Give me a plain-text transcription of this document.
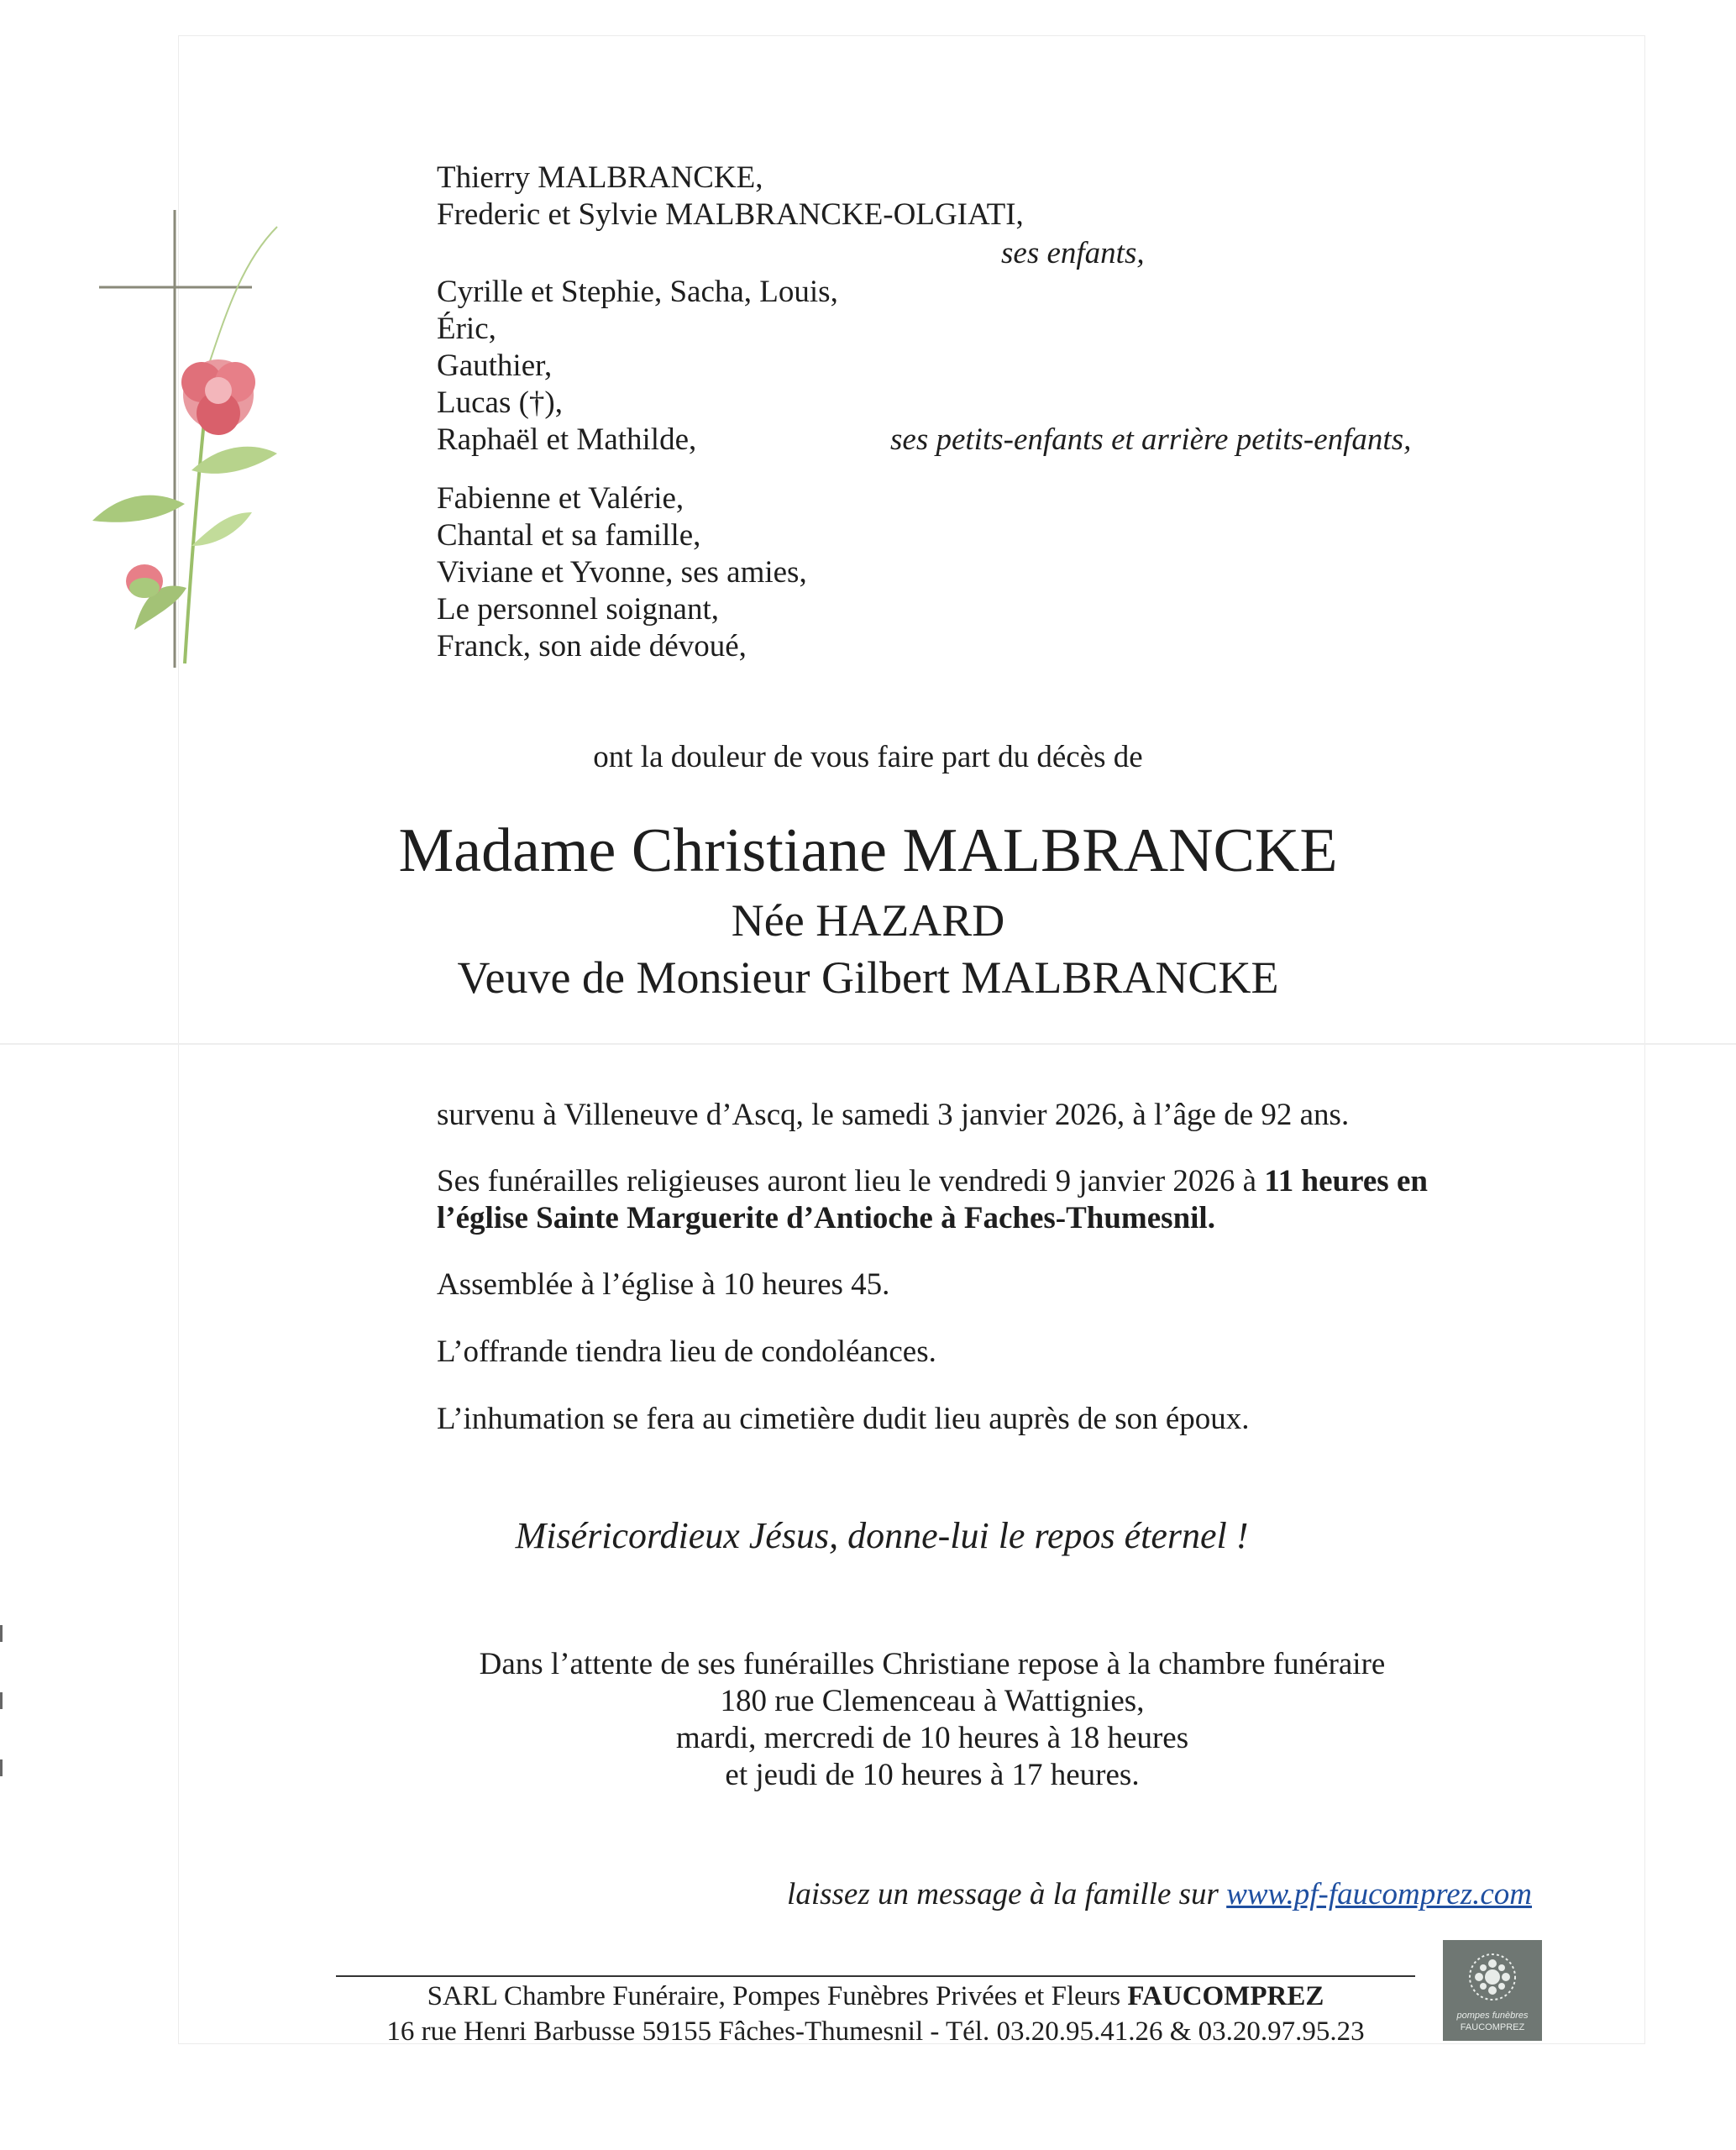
Thierry MALBRANCKE,
Frederic et Sylvie MALBRANCKE-OLGIATI,
ses enfants,
Cyrille et Stephie, Sacha, Louis,
Éric,
Gauthier,
Lucas (†),
Raphaël et Mathilde,	ses petits-enfants et arrière petits-enfants,
Fabienne et Valérie,
Chantal et sa famille,
Viviane et Yvonne, ses amies,
Le personnel soignant,
Franck, son aide dévoué,
ont la douleur de vous faire part du décès de
Madame Christiane MALBRANCKE
Née HAZARD
Veuve de Monsieur Gilbert MALBRANCKE
survenu à Villeneuve d’Ascq, le samedi 3 janvier 2026, à l’âge de 92 ans.
Ses funérailles religieuses auront lieu le vendredi 9 janvier 2026 à 11 heures en
l’église Sainte Marguerite d’Antioche à Faches-Thumesnil.
Assemblée à l’église à 10 heures 45.
L’offrande tiendra lieu de condoléances.
L’inhumation se fera au cimetière dudit lieu auprès de son époux.
Miséricordieux Jésus, donne-lui le repos éternel !
Dans l’attente de ses funérailles Christiane repose à la chambre funéraire
180 rue Clemenceau à Wattignies,
mardi, mercredi de 10 heures à 18 heures
et jeudi de 10 heures à 17 heures.
laissez un message à la famille sur www.pf-faucomprez.com
SARL Chambre Funéraire, Pompes Funèbres Privées et Fleurs FAUCOMPREZ
16 rue Henri Barbusse 59155 Fâches-Thumesnil - Tél. 03.20.95.41.26 & 03.20.97.95.23
pompes funèbres
FAUCOMPREZ
